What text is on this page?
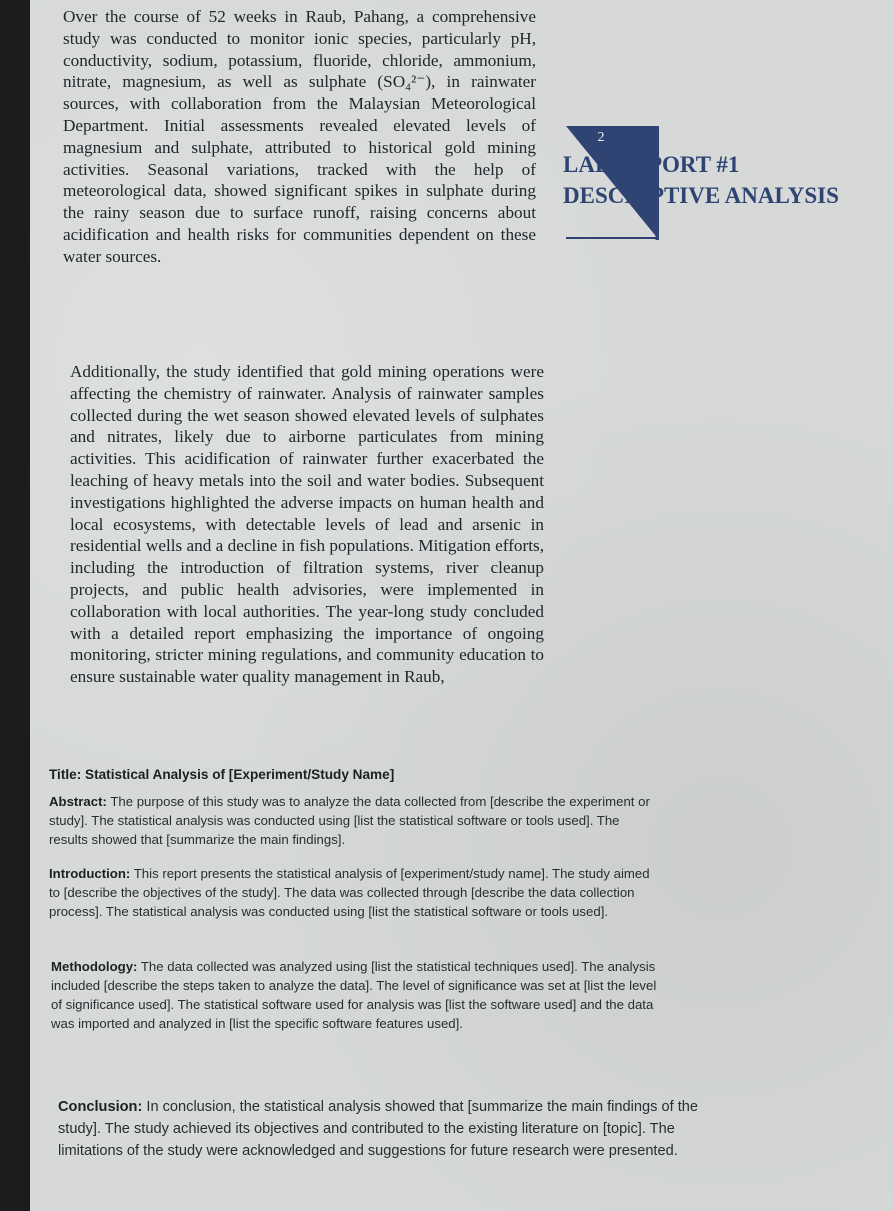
Over the course of 52 weeks in Raub, Pahang, a comprehensive study was conducted to monitor ionic species, particularly pH, conductivity, sodium, potassium, fluoride, chloride, ammonium, nitrate, magnesium, as well as sulphate (SO₄²⁻), in rainwater sources, with collaboration from the Malaysian Meteorological Department. Initial assessments revealed elevated levels of magnesium and sulphate, attributed to historical gold mining activities. Seasonal variations, tracked with the help of meteorological data, showed significant spikes in sulphate during the rainy season due to surface runoff, raising concerns about acidification and health risks for communities dependent on these water sources.

Additionally, the study identified that gold mining operations were affecting the chemistry of rainwater. Analysis of rainwater samples collected during the wet season showed elevated levels of sulphates and nitrates, likely due to airborne particulates from mining activities. This acidification of rainwater further exacerbated the leaching of heavy metals into the soil and water bodies. Subsequent investigations highlighted the adverse impacts on human health and local ecosystems, with detectable levels of lead and arsenic in residential wells and a decline in fish populations. Mitigation efforts, including the introduction of filtration systems, river cleanup projects, and public health advisories, were implemented in collaboration with local authorities. The year-long study concluded with a detailed report emphasizing the importance of ongoing monitoring, stricter mining regulations, and community education to ensure sustainable water quality management in Raub,

2
LAB REPORT #1
DESCRIPTIVE ANALYSIS

Title: Statistical Analysis of [Experiment/Study Name]

Abstract: The purpose of this study was to analyze the data collected from [describe the experiment or study]. The statistical analysis was conducted using [list the statistical software or tools used]. The results showed that [summarize the main findings].

Introduction: This report presents the statistical analysis of [experiment/study name]. The study aimed to [describe the objectives of the study]. The data was collected through [describe the data collection process]. The statistical analysis was conducted using [list the statistical software or tools used].

Methodology: The data collected was analyzed using [list the statistical techniques used]. The analysis included [describe the steps taken to analyze the data]. The level of significance was set at [list the level of significance used]. The statistical software used for analysis was [list the software used] and the data was imported and analyzed in [list the specific software features used].

Conclusion: In conclusion, the statistical analysis showed that [summarize the main findings of the study]. The study achieved its objectives and contributed to the existing literature on [topic]. The limitations of the study were acknowledged and suggestions for future research were presented.
